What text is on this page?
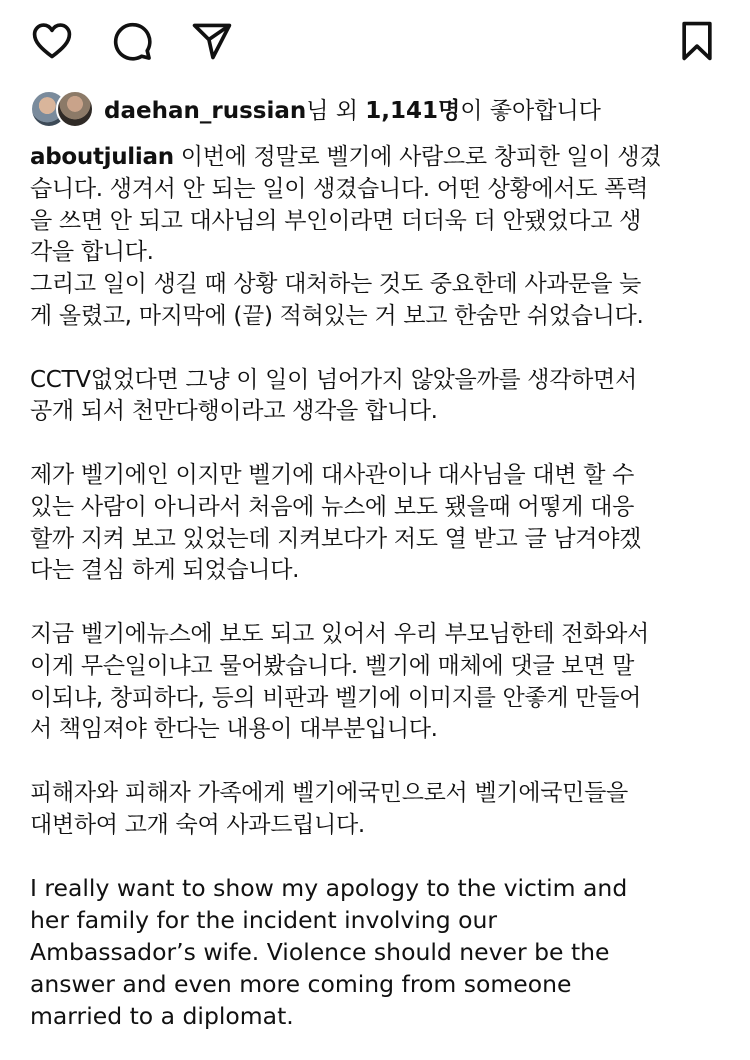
daehan_russian님 외 1,141명이 좋아합니다

aboutjulian 이번에 정말로 벨기에 사람으로 창피한 일이 생겼

습니다. 생겨서 안 되는 일이 생겼습니다. 어떤 상황에서도 폭력

을 쓰면 안 되고 대사님의 부인이라면 더더욱 더 안됐었다고 생

각을 합니다.

그리고 일이 생길 때 상황 대처하는 것도 중요한데 사과문을 늦

게 올렸고, 마지막에 (끝) 적혀있는 거 보고 한숨만 쉬었습니다.

CCTV없었다면 그냥 이 일이 넘어가지 않았을까를 생각하면서

공개 되서 천만다행이라고 생각을 합니다.

제가 벨기에인 이지만 벨기에 대사관이나 대사님을 대변 할 수

있는 사람이 아니라서 처음에 뉴스에 보도 됐을때 어떻게 대응

할까 지켜 보고 있었는데 지켜보다가 저도 열 받고 글 남겨야겠

다는 결심 하게 되었습니다.

지금 벨기에뉴스에 보도 되고 있어서 우리 부모님한테 전화와서

이게 무슨일이냐고 물어봤습니다. 벨기에 매체에 댓글 보면 말

이되냐, 창피하다, 등의 비판과 벨기에 이미지를 안좋게 만들어

서 책임져야 한다는 내용이 대부분입니다.

피해자와 피해자 가족에게 벨기에국민으로서 벨기에국민들을

대변하여 고개 숙여 사과드립니다.

I really want to show my apology to the victim and

her family for the incident involving our

Ambassador’s wife. Violence should never be the

answer and even more coming from someone

married to a diplomat.
